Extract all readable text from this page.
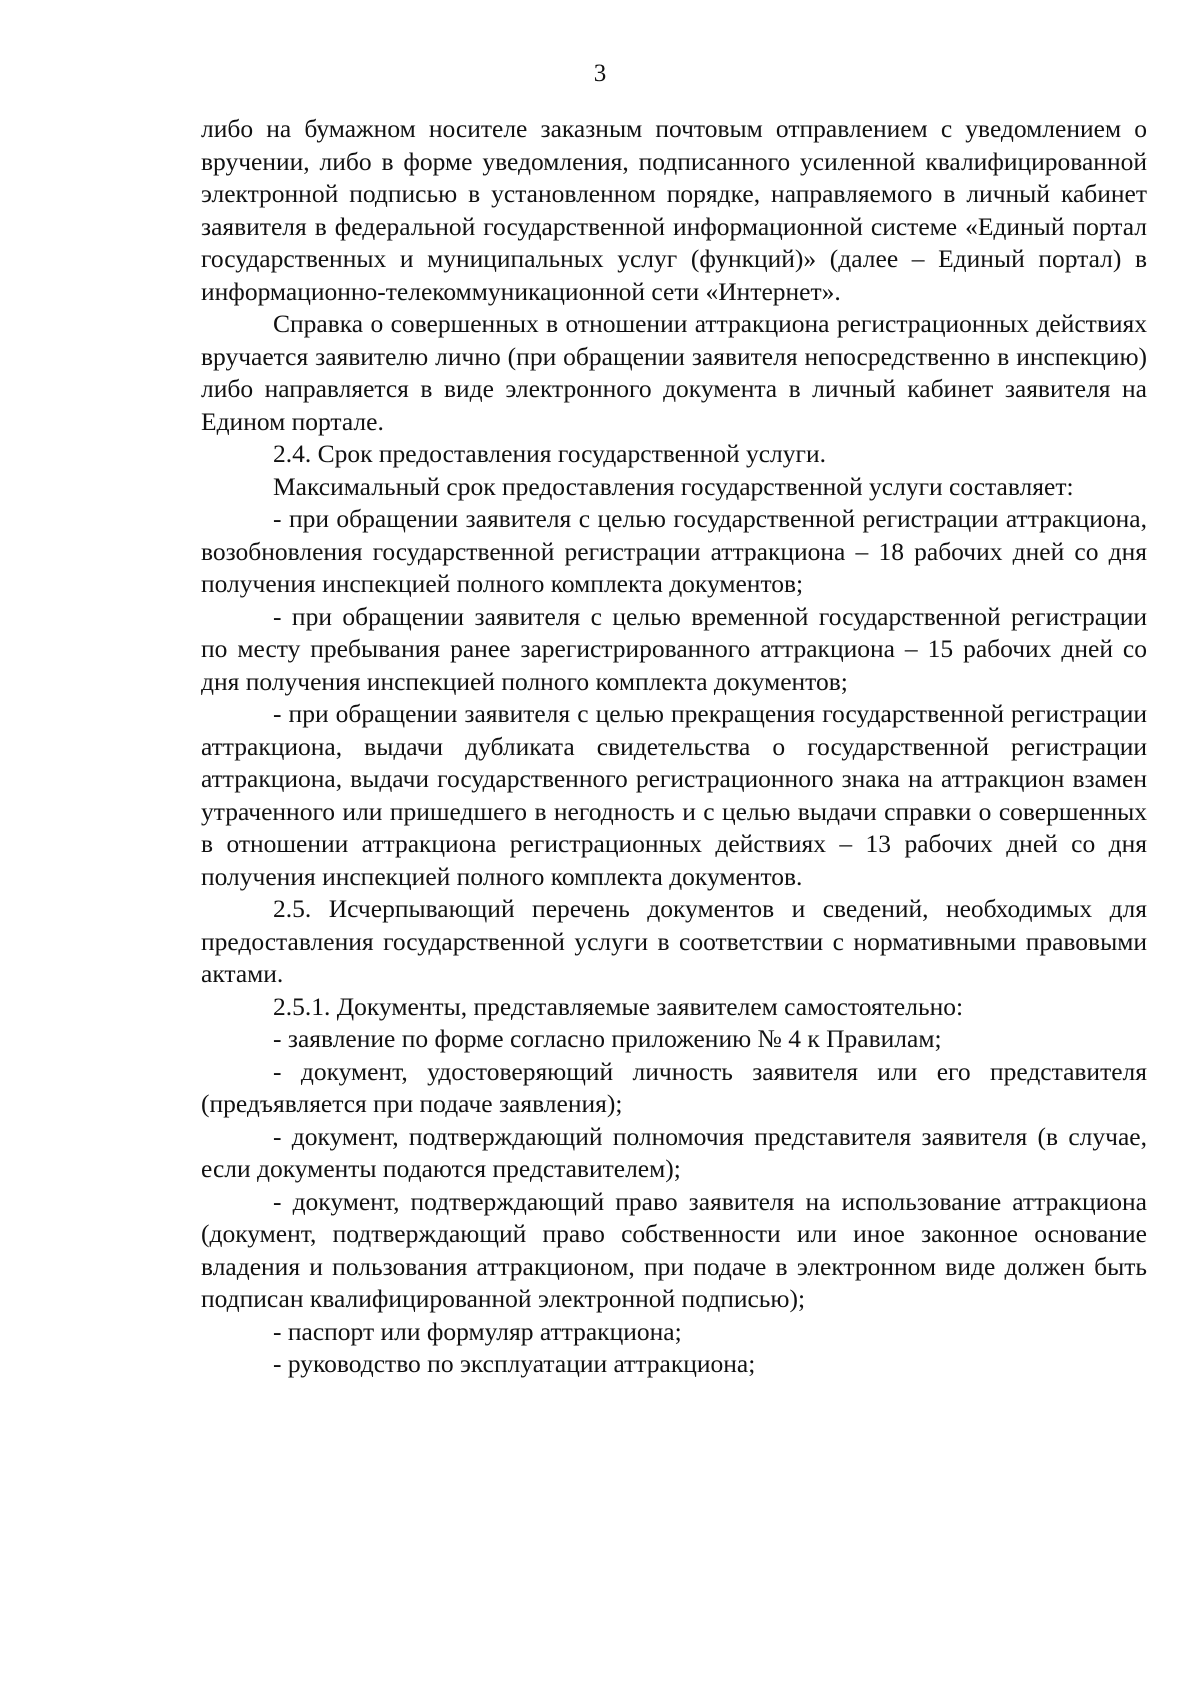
3

либо на бумажном носителе заказным почтовым отправлением с уведомлением о вручении, либо в форме уведомления, подписанного усиленной квалифицированной электронной подписью в установленном порядке, направляемого в личный кабинет заявителя в федеральной государственной информационной системе «Единый портал государственных и муниципальных услуг (функций)» (далее – Единый портал) в информационно-телекоммуникационной сети «Интернет».

Справка о совершенных в отношении аттракциона регистрационных действиях вручается заявителю лично (при обращении заявителя непосредственно в инспекцию) либо направляется в виде электронного документа в личный кабинет заявителя на Едином портале.

2.4. Срок предоставления государственной услуги.

Максимальный срок предоставления государственной услуги составляет:

- при обращении заявителя с целью государственной регистрации аттракциона, возобновления государственной регистрации аттракциона – 18 рабочих дней со дня получения инспекцией полного комплекта документов;

- при обращении заявителя с целью временной государственной регистрации по месту пребывания ранее зарегистрированного аттракциона – 15 рабочих дней со дня получения инспекцией полного комплекта документов;

- при обращении заявителя с целью прекращения государственной регистрации аттракциона, выдачи дубликата свидетельства о государственной регистрации аттракциона, выдачи государственного регистрационного знака на аттракцион взамен утраченного или пришедшего в негодность и с целью выдачи справки о совершенных в отношении аттракциона регистрационных действиях – 13 рабочих дней со дня получения инспекцией полного комплекта документов.

2.5. Исчерпывающий перечень документов и сведений, необходимых для предоставления государственной услуги в соответствии с нормативными правовыми актами.

2.5.1. Документы, представляемые заявителем самостоятельно:

- заявление по форме согласно приложению № 4 к Правилам;

- документ, удостоверяющий личность заявителя или его представителя (предъявляется при подаче заявления);

- документ, подтверждающий полномочия представителя заявителя (в случае, если документы подаются представителем);

- документ, подтверждающий право заявителя на использование аттракциона (документ, подтверждающий право собственности или иное законное основание владения и пользования аттракционом, при подаче в электронном виде должен быть подписан квалифицированной электронной подписью);

- паспорт или формуляр аттракциона;

- руководство по эксплуатации аттракциона;
